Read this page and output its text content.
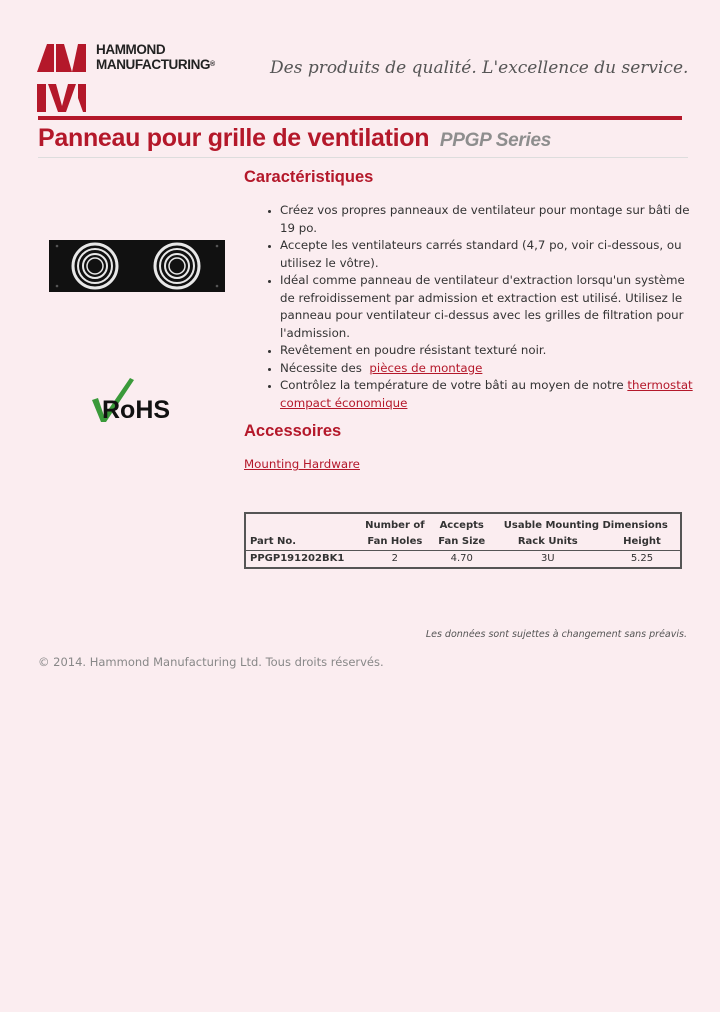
HAMMOND
MANUFACTURING®	Des produits de qualité. L'excellence du service.
Panneau pour grille de ventilation PPGP Series
RoHS
Caractéristiques
• Créez vos propres panneaux de ventilateur pour montage sur bâti de 19 po.
• Accepte les ventilateurs carrés standard (4,7 po, voir ci-dessous, ou utilisez le vôtre).
• Idéal comme panneau de ventilateur d'extraction lorsqu'un système de refroidissement par admission et extraction est utilisé. Utilisez le panneau pour ventilateur ci-dessus avec les grilles de filtration pour l'admission.
• Revêtement en poudre résistant texturé noir.
• Nécessite des pièces de montage
• Contrôlez la température de votre bâti au moyen de notre thermostat compact économique
Accessoires
Mounting Hardware
	Number of	Accepts	Usable Mounting Dimensions	
Part No.	Fan Holes	Fan Size	Rack Units	Height
PPGP191202BK1	2	4.70	3U	5.25
Les données sont sujettes à changement sans préavis.
© 2014. Hammond Manufacturing Ltd. Tous droits réservés.
